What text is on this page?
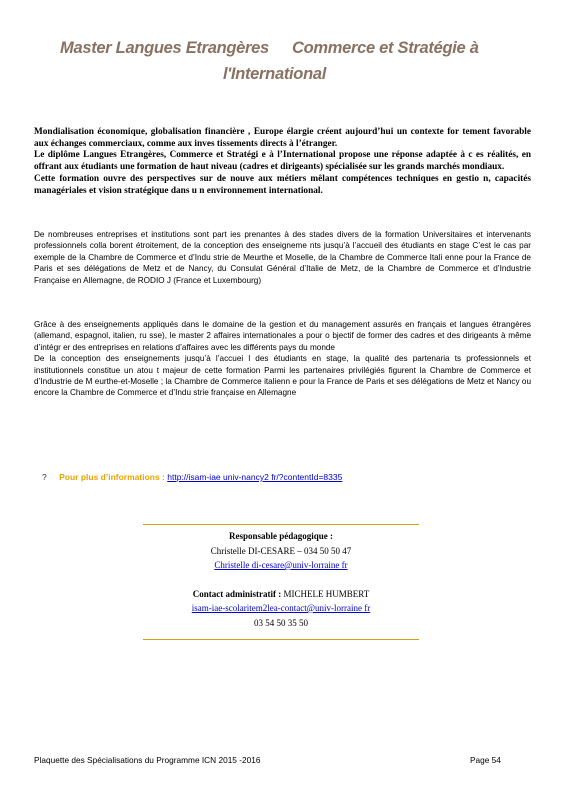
Master Langues Etrangères Commerce et Stratégie à
l'International

Mondialisation économique, globalisation financière , Europe élargie créent aujourd’hui un contexte for tement favorable aux échanges commerciaux, comme aux inves tissements directs à l’étranger.

Le diplôme Langues Etrangères, Commerce et Stratégi e à l’International propose une réponse adaptée à c es réalités, en offrant aux étudiants une formation de haut niveau (cadres et dirigeants) spécialisée sur les grands marchés mondiaux.

Cette formation ouvre des perspectives sur de nouve aux métiers mêlant compétences techniques en gestio n, capacités managériales et vision stratégique dans u n environnement international.

De nombreuses entreprises et institutions sont part ies prenantes à des stades divers de la formation Universitaires et intervenants professionnels colla borent étroitement, de la conception des enseigneme nts jusqu’à l’accueil des étudiants en stage C’est le cas par exemple de la Chambre de Commerce et d’Indu strie de Meurthe et Moselle, de la Chambre de Commerce Itali enne pour la France de Paris et ses délégations de Metz et de Nancy, du Consulat Général d’Italie de Metz, de la Chambre de Commerce et d’Industrie Française en Allemagne, de RODIO J (France et Luxembourg)

Grâce à des enseignements appliqués dans le domaine de la gestion et du management assurés en français et langues étrangères (allemand, espagnol, italien, ru sse), le master 2 affaires internationales a pour o bjectif de former des cadres et des dirigeants à même d’intégr er des entreprises en relations d’affaires avec les différents pays du monde

De la conception des enseignements jusqu’à l’accuei l des étudiants en stage, la qualité des partenaria ts professionnels et institutionnels constitue un atou t majeur de cette formation Parmi les partenaires privilégiés figurent la Chambre de Commerce et d’Industrie de M eurthe-et-Moselle ; la Chambre de Commerce italienn e pour la France de Paris et ses délégations de Metz et Nancy ou encore la Chambre de Commerce et d’Indu strie française en Allemagne

? Pour plus d’informations : http://isam-iae univ-nancy2 fr/?contentId=8335
Responsable pédagogique :
Christelle DI-CESARE – 034 50 50 47
Christelle di-cesare@univ-lorraine fr
Contact administratif : MICHELE HUMBERT
isam-iae-scolaritem2lea-contact@univ-lorraine fr
03 54 50 35 50
Plaquette des Spécialisations du Programme ICN 2015 -2016	Page 54
